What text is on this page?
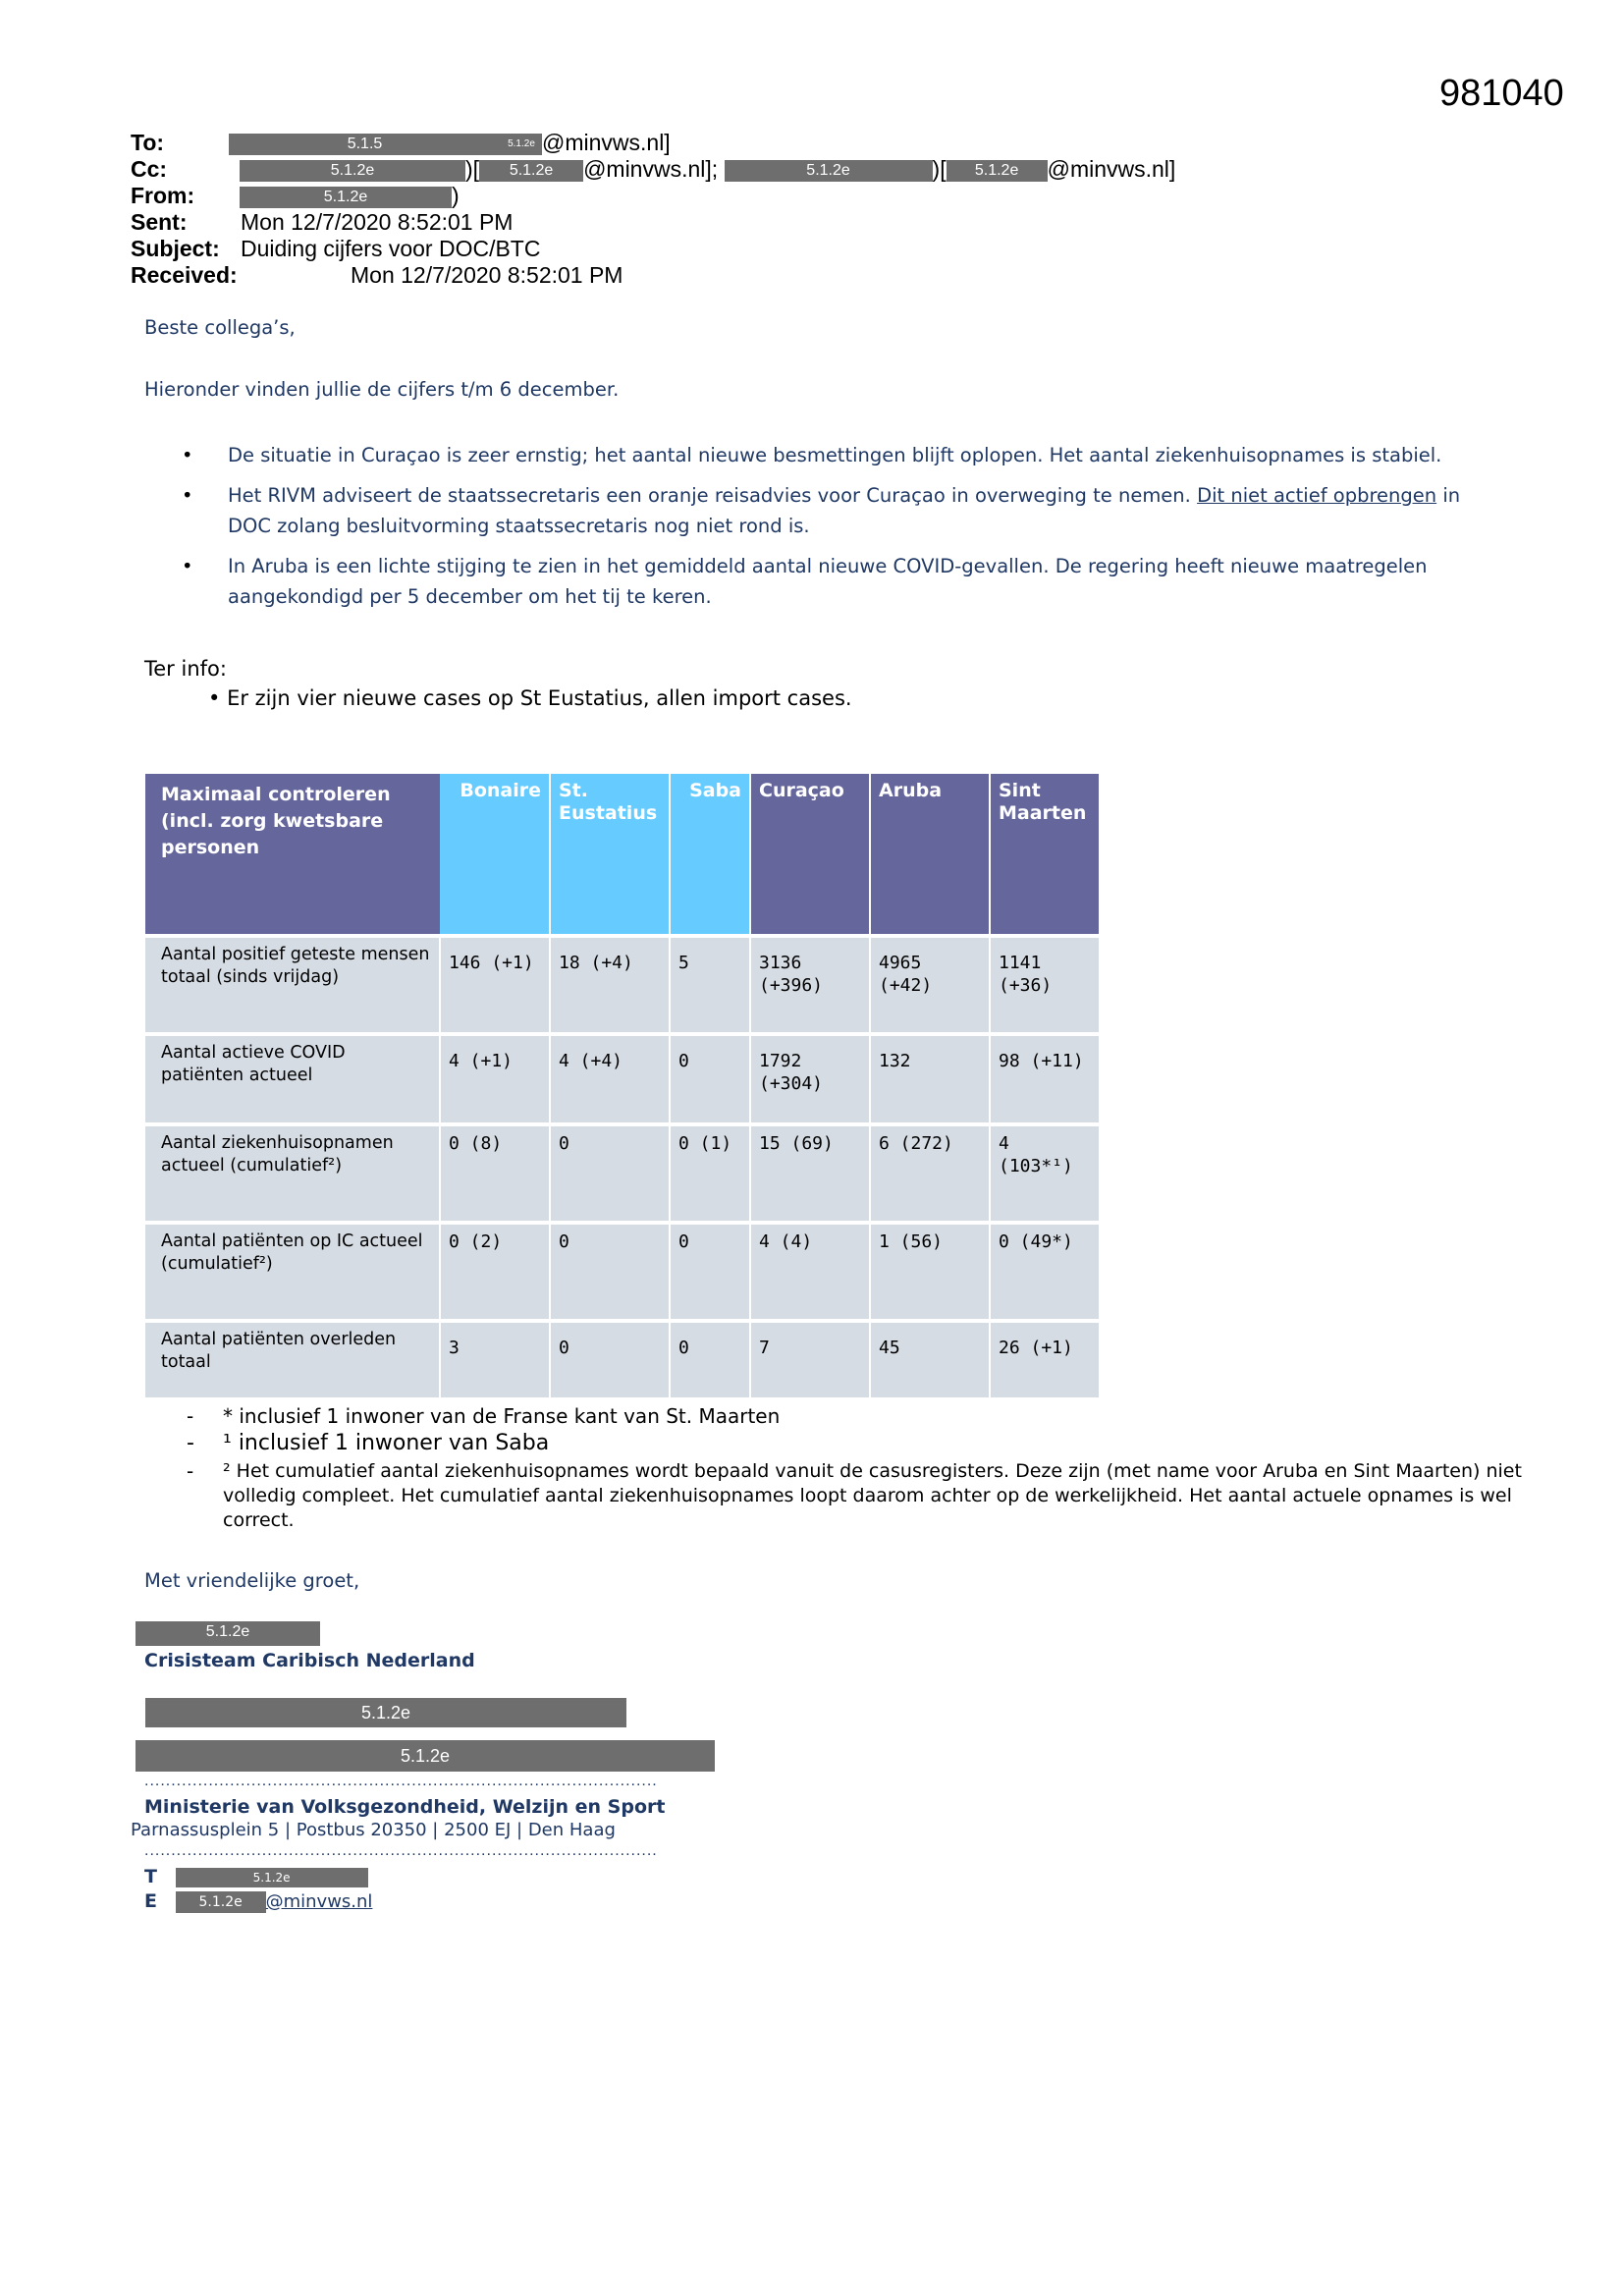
981040
To:	5.1.5	5.1.2e @minvws.nl]
Cc:	5.1.2e	)[ 5.1.2e @minvws.nl];	5.1.2e	)[ 5.1.2e @minvws.nl]
From:	5.1.2e	)
Sent: Mon 12/7/2020 8:52:01 PM
Subject: Duiding cijfers voor DOC/BTC
Received:	Mon 12/7/2020 8:52:01 PM
Beste collega’s,
Hieronder vinden jullie de cijfers t/m 6 december.
• De situatie in Curaçao is zeer ernstig; het aantal nieuwe besmettingen blijft oplopen. Het aantal ziekenhuisopnames is stabiel.
• Het RIVM adviseert de staatssecretaris een oranje reisadvies voor Curaçao in overweging te nemen. Dit niet actief opbrengen in DOC zolang besluitvorming staatssecretaris nog niet rond is.
• In Aruba is een lichte stijging te zien in het gemiddeld aantal nieuwe COVID-gevallen. De regering heeft nieuwe maatregelen aangekondigd per 5 december om het tij te keren.
Ter info:
• Er zijn vier nieuwe cases op St Eustatius, allen import cases.
Maximaal controleren (incl. zorg kwetsbare personen	Bonaire	St. Eustatius	Saba	Curaçao	Aruba	Sint Maarten
Aantal positief geteste mensen totaal (sinds vrijdag)	146 (+1)	18 (+4)	5	3136 (+396)	4965 (+42)	1141 (+36)
Aantal actieve COVID patiënten actueel	4 (+1)	4 (+4)	0	1792 (+304)	132	98 (+11)
Aantal ziekenhuisopnamen actueel (cumulatief²)	0 (8)	0	0 (1)	15 (69)	6 (272)	4 (103*¹)
Aantal patiënten op IC actueel (cumulatief²)	0 (2)	0	0	4 (4)	1 (56)	0 (49*)
Aantal patiënten overleden totaal	3	0	0	7	45	26 (+1)
- * inclusief 1 inwoner van de Franse kant van St. Maarten
- ¹ inclusief 1 inwoner van Saba
- ² Het cumulatief aantal ziekenhuisopnames wordt bepaald vanuit de casusregisters. Deze zijn (met name voor Aruba en Sint Maarten) niet volledig compleet. Het cumulatief aantal ziekenhuisopnames loopt daarom achter op de werkelijkheid. Het aantal actuele opnames is wel correct.
Met vriendelijke groet,
5.1.2e
Crisisteam Caribisch Nederland
5.1.2e
5.1.2e
................................................................................................
Ministerie van Volksgezondheid, Welzijn en Sport
Parnassusplein 5 | Postbus 20350 | 2500 EJ | Den Haag
................................................................................................
T	5.1.2e
E	5.1.2e @minvws.nl
